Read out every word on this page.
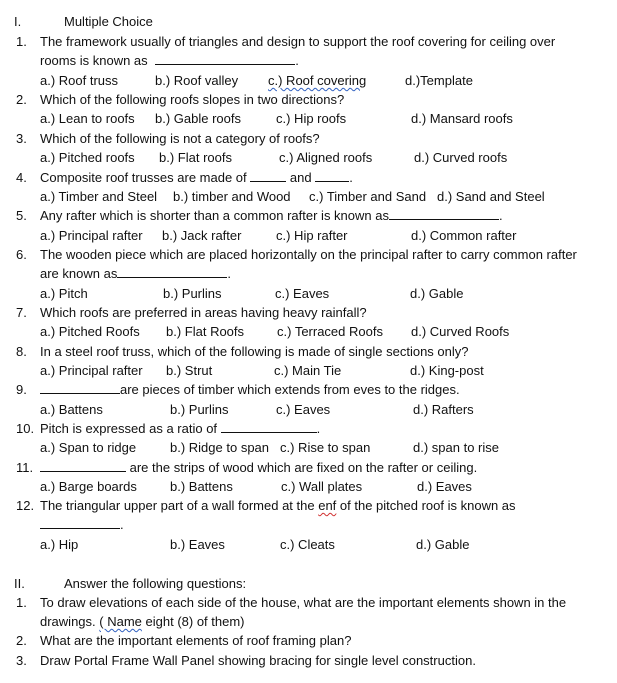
I.	Multiple Choice
1. The framework usually of triangles and design to support the roof covering for ceiling over
rooms is known as	.
a.) Roof truss	b.) Roof valley c.) Roof covering	d.)Template
2. Which of the following roofs slopes in two directions?
a.) Lean to roofs b.) Gable roofs	c.) Hip roofs	d.) Mansard roofs
3. Which of the following is not a category of roofs?
a.) Pitched roofs b.) Flat roofs	c.) Aligned roofs	d.) Curved roofs
4. Composite roof trusses are made of	and	.
a.) Timber and Steel b.) timber and Wood c.) Timber and Sand d.) Sand and Steel
5. Any rafter which is shorter than a common rafter is known as	.
a.) Principal rafter b.) Jack rafter	c.) Hip rafter	d.) Common rafter
6. The wooden piece which are placed horizontally on the principal rafter to carry common rafter
are known as	.
a.) Pitch	b.) Purlins	c.) Eaves	d.) Gable
7. Which roofs are preferred in areas having heavy rainfall?
a.) Pitched Roofs b.) Flat Roofs	c.) Terraced Roofs d.) Curved Roofs
8. In a steel roof truss, which of the following is made of single sections only?
a.) Principal rafter b.) Strut	c.) Main Tie	d.) King-post
9.	are pieces of timber which extends from eves to the ridges.
a.) Battens	b.) Purlins	c.) Eaves	d.) Rafters
10. Pitch is expressed as a ratio of	.
a.) Span to ridge	b.) Ridge to span c.) Rise to span	d.) span to rise
11.	are the strips of wood which are fixed on the rafter or ceiling.
a.) Barge boards	b.) Battens	c.) Wall plates	d.) Eaves
12. The triangular upper part of a wall formed at the enf of the pitched roof is known as
.
a.) Hip	b.) Eaves	c.) Cleats	d.) Gable
II.	Answer the following questions:
1. To draw elevations of each side of the house, what are the important elements shown in the
drawings. ( Name eight (8) of them)
2. What are the important elements of roof framing plan?
3. Draw Portal Frame Wall Panel showing bracing for single level construction.
